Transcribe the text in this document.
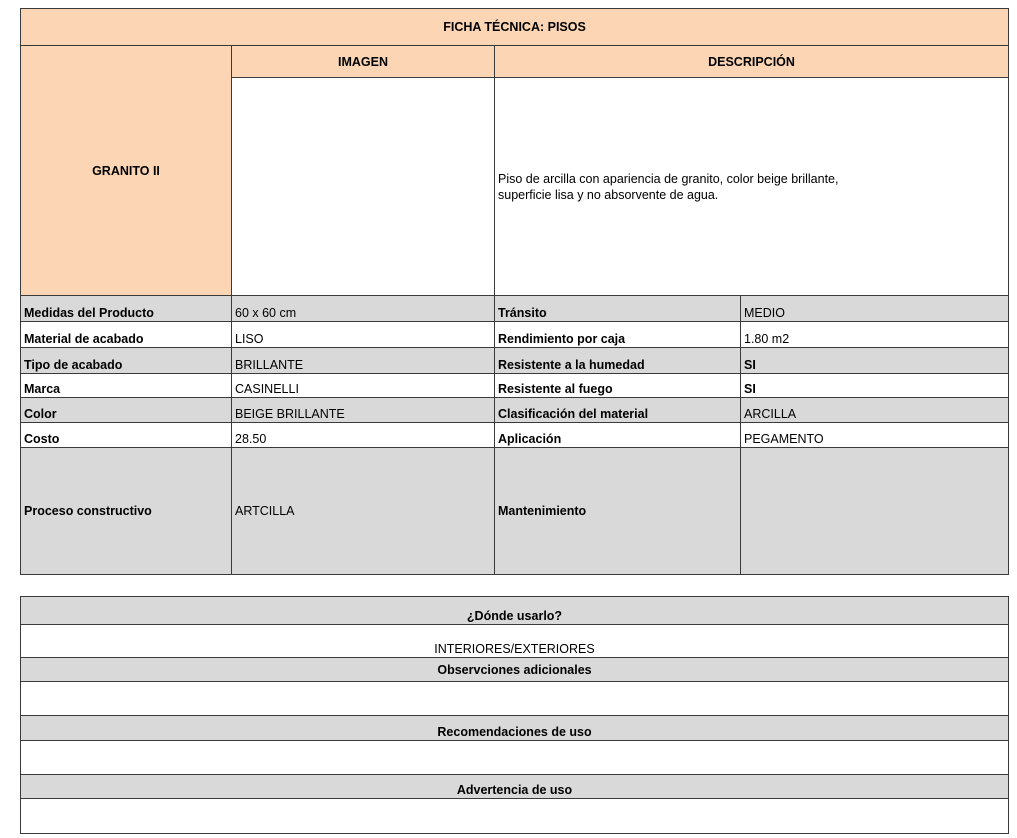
FICHA TÉCNICA: PISOS			
GRANITO II	IMAGEN	DESCRIPCIÓN	
		Piso de arcilla con apariencia de granito, color beige brillante,
superficie lisa y no absorvente de agua.	
Medidas del Producto	60 x 60 cm	Tránsito	MEDIO
Material de acabado	LISO	Rendimiento por caja	1.80 m2
Tipo de acabado	BRILLANTE	Resistente a la humedad	SI
Marca	CASINELLI	Resistente al fuego	SI
Color	BEIGE BRILLANTE	Clasificación del material	ARCILLA
Costo	28.50	Aplicación	PEGAMENTO
Proceso constructivo	ARTCILLA	Mantenimiento	
¿Dónde usarlo?
INTERIORES/EXTERIORES
Observciones adicionales

Recomendaciones de uso

Advertencia de uso
